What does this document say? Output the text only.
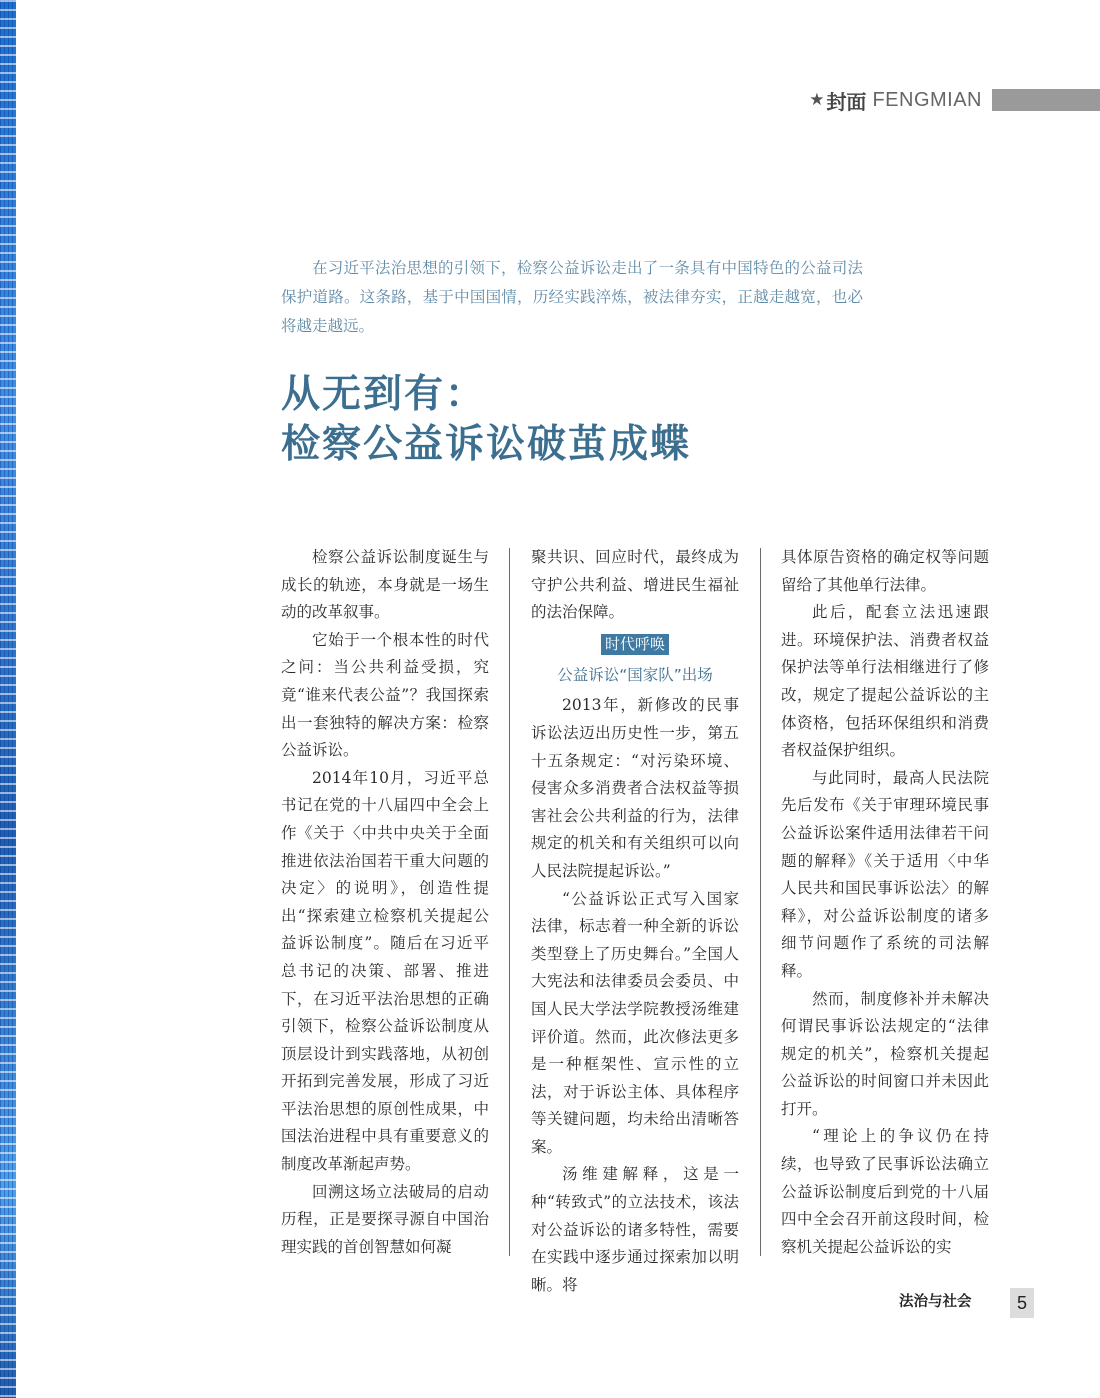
★ 封面 FENGMIAN

在习近平法治思想的引领下，检察公益诉讼走出了一条具有中国特色的公益司法保护道路。这条路，基于中国国情，历经实践淬炼，被法律夯实，正越走越宽，也必将越走越远。

从无到有：
检察公益诉讼破茧成蝶

检察公益诉讼制度诞生与成长的轨迹，本身就是一场生动的改革叙事。

它始于一个根本性的时代之问：当公共利益受损，究竟“谁来代表公益”？我国探索出一套独特的解决方案：检察公益诉讼。

2014年10月，习近平总书记在党的十八届四中全会上作《关于〈中共中央关于全面推进依法治国若干重大问题的决定〉的说明》，创造性提出“探索建立检察机关提起公益诉讼制度”。随后在习近平总书记的决策、部署、推进下，在习近平法治思想的正确引领下，检察公益诉讼制度从顶层设计到实践落地，从初创开拓到完善发展，形成了习近平法治思想的原创性成果，中国法治进程中具有重要意义的制度改革渐起声势。

回溯这场立法破局的启动历程，正是要探寻源自中国治理实践的首创智慧如何凝

聚共识、回应时代，最终成为守护公共利益、增进民生福祉的法治保障。

时代呼唤
公益诉讼“国家队”出场

2013年，新修改的民事诉讼法迈出历史性一步，第五十五条规定：“对污染环境、侵害众多消费者合法权益等损害社会公共利益的行为，法律规定的机关和有关组织可以向人民法院提起诉讼。”

“公益诉讼正式写入国家法律，标志着一种全新的诉讼类型登上了历史舞台。”全国人大宪法和法律委员会委员、中国人民大学法学院教授汤维建评价道。然而，此次修法更多是一种框架性、宣示性的立法，对于诉讼主体、具体程序等关键问题，均未给出清晰答案。

汤维建解释，这是一种“转致式”的立法技术，该法对公益诉讼的诸多特性，需要在实践中逐步通过探索加以明晰。将

具体原告资格的确定权等问题留给了其他单行法律。

此后，配套立法迅速跟进。环境保护法、消费者权益保护法等单行法相继进行了修改，规定了提起公益诉讼的主体资格，包括环保组织和消费者权益保护组织。

与此同时，最高人民法院先后发布《关于审理环境民事公益诉讼案件适用法律若干问题的解释》《关于适用〈中华人民共和国民事诉讼法〉的解释》，对公益诉讼制度的诸多细节问题作了系统的司法解释。

然而，制度修补并未解决何谓民事诉讼法规定的“法律规定的机关”，检察机关提起公益诉讼的时间窗口并未因此打开。

“理论上的争议仍在持续，也导致了民事诉讼法确立公益诉讼制度后到党的十八届四中全会召开前这段时间，检察机关提起公益诉讼的实

法治与社会	5
